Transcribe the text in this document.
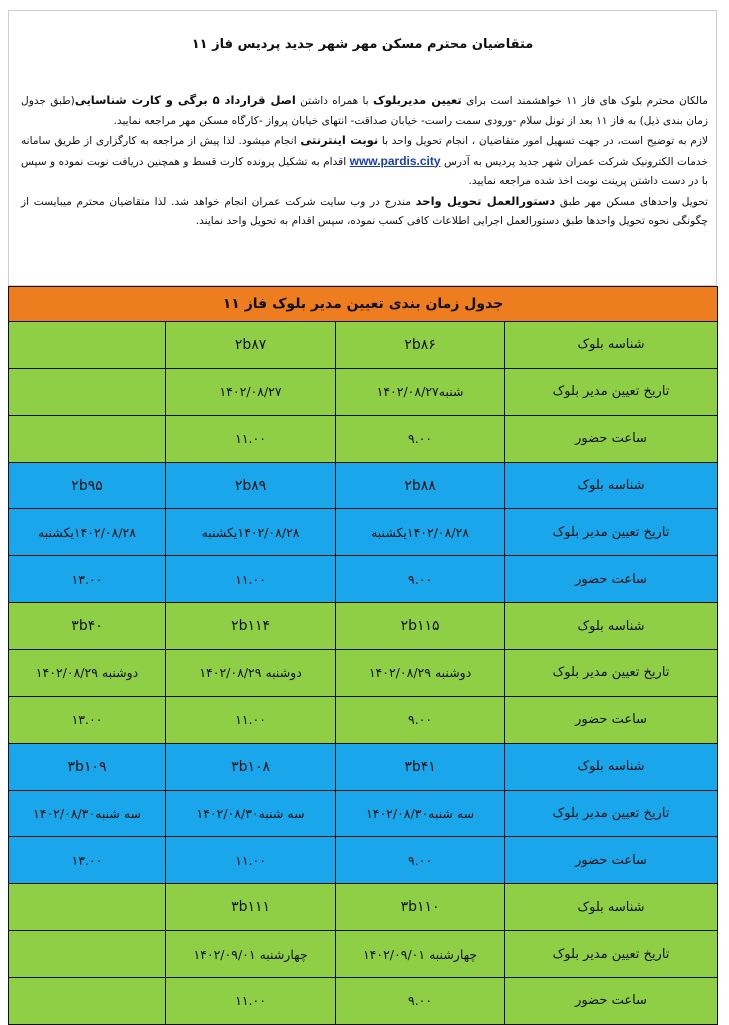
متقاضیان محترم مسکن مهر شهر جدید پردیس فاز ۱۱

مالکان محترم بلوک های فاز ۱۱ خواهشمند است برای تعیین مدیربلوک با همراه داشتن اصل قرارداد ۵ برگی و کارت شناسایی(طبق جدول زمان بندی ذیل) به فاز ۱۱ بعد از تونل سلام -ورودی سمت راست- خیابان صداقت- انتهای خیابان پرواز -کارگاه مسکن مهر مراجعه نمایید.

لازم به توضیح است، در جهت تسهیل امور متقاضیان ، انجام تحویل واحد با نوبت اینترنتی انجام میشود. لذا پیش از مراجعه به کارگزاری از طریق سامانه خدمات الکترونیک شرکت عمران شهر جدید پردیس به آدرس www.pardis.city اقدام به تشکیل پرونده کارت قسط و همچنین دریافت نوبت نموده و سپس با در دست داشتن پرینت نوبت اخذ شده مراجعه نمایید.

تحویل واحدهای مسکن مهر طبق دستورالعمل تحویل واحد مندرج در وب سایت شرکت عمران انجام خواهد شد. لذا متقاضیان محترم میبایست از چگونگی نحوه تحویل واحدها طبق دستورالعمل اجرایی اطلاعات کافی کسب نموده، سپس اقدام به تحویل واحد نمایند.

جدول زمان بندی تعیین مدیر بلوک فاز ۱۱			
شناسه بلوک	۲b۸۶	۲b۸۷	
تاریخ تعیین مدیر بلوک	شنبه۱۴۰۲/۰۸/۲۷	۱۴۰۲/۰۸/۲۷	
ساعت حضور	۹.۰۰	۱۱.۰۰	
شناسه بلوک	۲b۸۸	۲b۸۹	۲b۹۵
تاریخ تعیین مدیر بلوک	۱۴۰۲/۰۸/۲۸یکشنبه	۱۴۰۲/۰۸/۲۸یکشنبه	۱۴۰۲/۰۸/۲۸یکشنبه
ساعت حضور	۹.۰۰	۱۱.۰۰	۱۳.۰۰
شناسه بلوک	۲b۱۱۵	۲b۱۱۴	۳b۴۰
تاریخ تعیین مدیر بلوک	دوشنبه ۱۴۰۲/۰۸/۲۹	دوشنبه ۱۴۰۲/۰۸/۲۹	دوشنبه ۱۴۰۲/۰۸/۲۹
ساعت حضور	۹.۰۰	۱۱.۰۰	۱۳.۰۰
شناسه بلوک	۳b۴۱	۳b۱۰۸	۳b۱۰۹
تاریخ تعیین مدیر بلوک	سه شنبه۱۴۰۲/۰۸/۳۰	سه شنبه۱۴۰۲/۰۸/۳۰	سه شنبه۱۴۰۲/۰۸/۳۰
ساعت حضور	۹.۰۰	۱۱.۰۰	۱۳.۰۰
شناسه بلوک	۳b۱۱۰	۳b۱۱۱	
تاریخ تعیین مدیر بلوک	چهارشنبه ۱۴۰۲/۰۹/۰۱	چهارشنبه ۱۴۰۲/۰۹/۰۱	
ساعت حضور	۹.۰۰	۱۱.۰۰	
